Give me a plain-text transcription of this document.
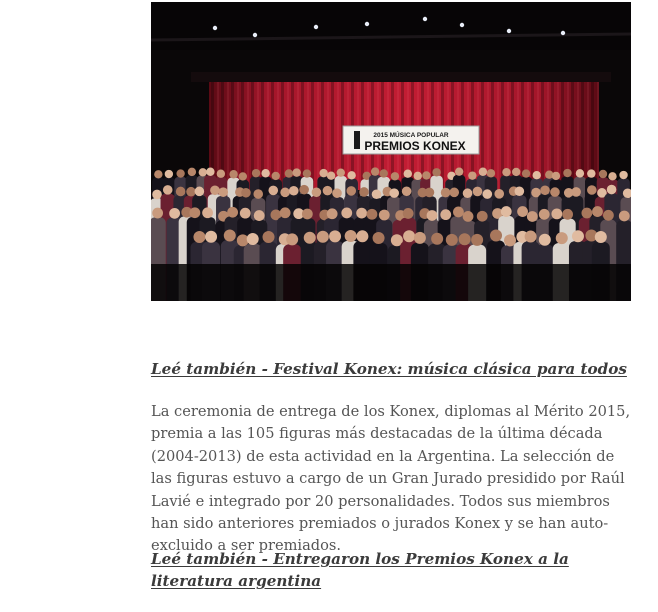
2015 MÚSICA POPULAR
PREMIOS KONEX

Leé también - Festival Konex: música clásica para todos

La ceremonia de entrega de los Konex, diplomas al Mérito 2015, premia a las 105 figuras más destacadas de la última década (2004-2013) de esta actividad en la Argentina. La selección de las figuras estuvo a cargo de un Gran Jurado presidido por Raúl Lavié e integrado por 20 personalidades. Todos sus miembros han sido anteriores premiados o jurados Konex y se han auto-excluido a ser premiados.

Leé también - Entregaron los Premios Konex a la literatura argentina
